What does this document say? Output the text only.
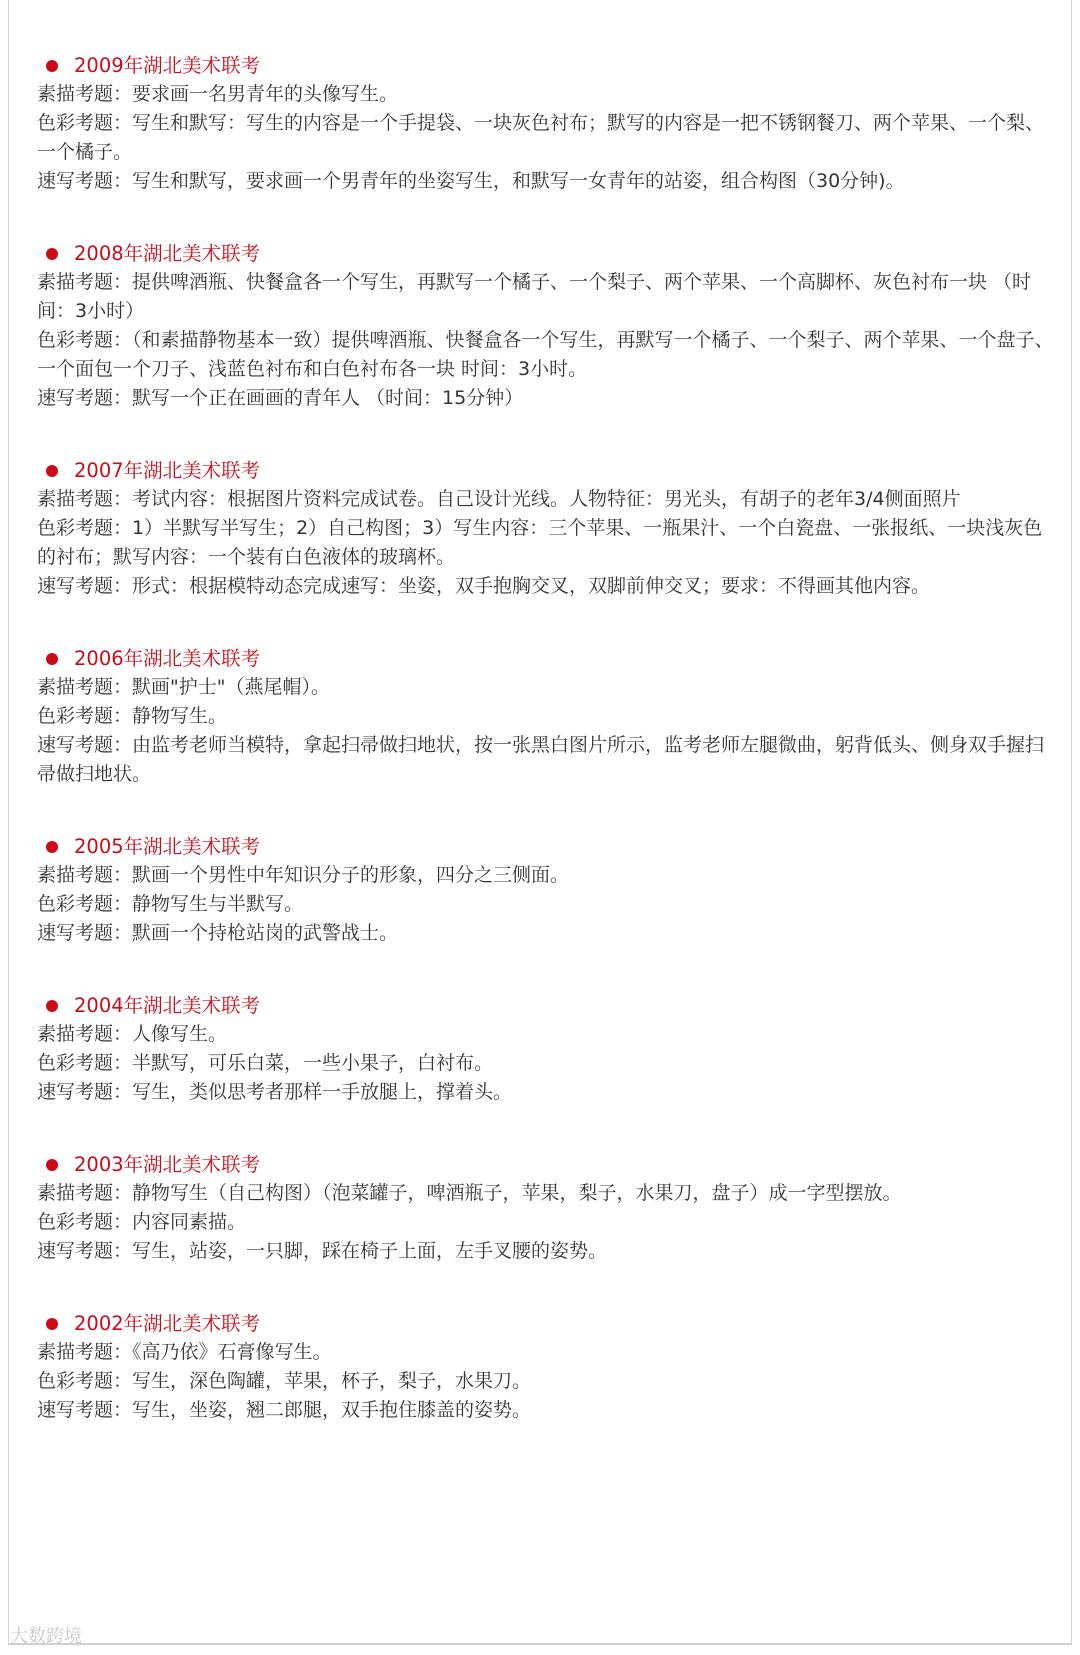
2009年湖北美术联考

素描考题：要求画一名男青年的头像写生。

色彩考题：写生和默写：写生的内容是一个手提袋、一块灰色衬布；默写的内容是一把不锈钢餐刀、两个苹果、一个梨、一个橘子。

速写考题：写生和默写，要求画一个男青年的坐姿写生，和默写一女青年的站姿，组合构图（30分钟)。

2008年湖北美术联考

素描考题：提供啤酒瓶、快餐盒各一个写生，再默写一个橘子、一个梨子、两个苹果、一个高脚杯、灰色衬布一块 （时间：3小时）

色彩考题：（和素描静物基本一致）提供啤酒瓶、快餐盒各一个写生，再默写一个橘子、一个梨子、两个苹果、一个盘子、一个面包一个刀子、浅蓝色衬布和白色衬布各一块 时间：3小时。

速写考题：默写一个正在画画的青年人 （时间：15分钟）

2007年湖北美术联考

素描考题：考试内容：根据图片资料完成试卷。自己设计光线。人物特征：男光头，有胡子的老年3/4侧面照片

色彩考题：1）半默写半写生；2）自己构图；3）写生内容：三个苹果、一瓶果汁、一个白瓷盘、一张报纸、一块浅灰色的衬布；默写内容：一个装有白色液体的玻璃杯。

速写考题：形式：根据模特动态完成速写：坐姿，双手抱胸交叉，双脚前伸交叉；要求：不得画其他内容。

2006年湖北美术联考

素描考题：默画"护士"（燕尾帽）。

色彩考题：静物写生。

速写考题：由监考老师当模特，拿起扫帚做扫地状，按一张黑白图片所示，监考老师左腿微曲，躬背低头、侧身双手握扫帚做扫地状。

2005年湖北美术联考

素描考题：默画一个男性中年知识分子的形象，四分之三侧面。

色彩考题：静物写生与半默写。

速写考题：默画一个持枪站岗的武警战士。

2004年湖北美术联考

素描考题：人像写生。

色彩考题：半默写，可乐白菜，一些小果子，白衬布。

速写考题：写生，类似思考者那样一手放腿上，撑着头。

2003年湖北美术联考

素描考题：静物写生（自己构图）（泡菜罐子，啤酒瓶子，苹果，梨子，水果刀，盘子）成一字型摆放。

色彩考题：内容同素描。

速写考题：写生，站姿，一只脚，踩在椅子上面，左手叉腰的姿势。

2002年湖北美术联考

素描考题：《高乃依》石膏像写生。

色彩考题：写生，深色陶罐，苹果，杯子，梨子，水果刀。

速写考题：写生，坐姿，翘二郎腿，双手抱住膝盖的姿势。

大数跨境
